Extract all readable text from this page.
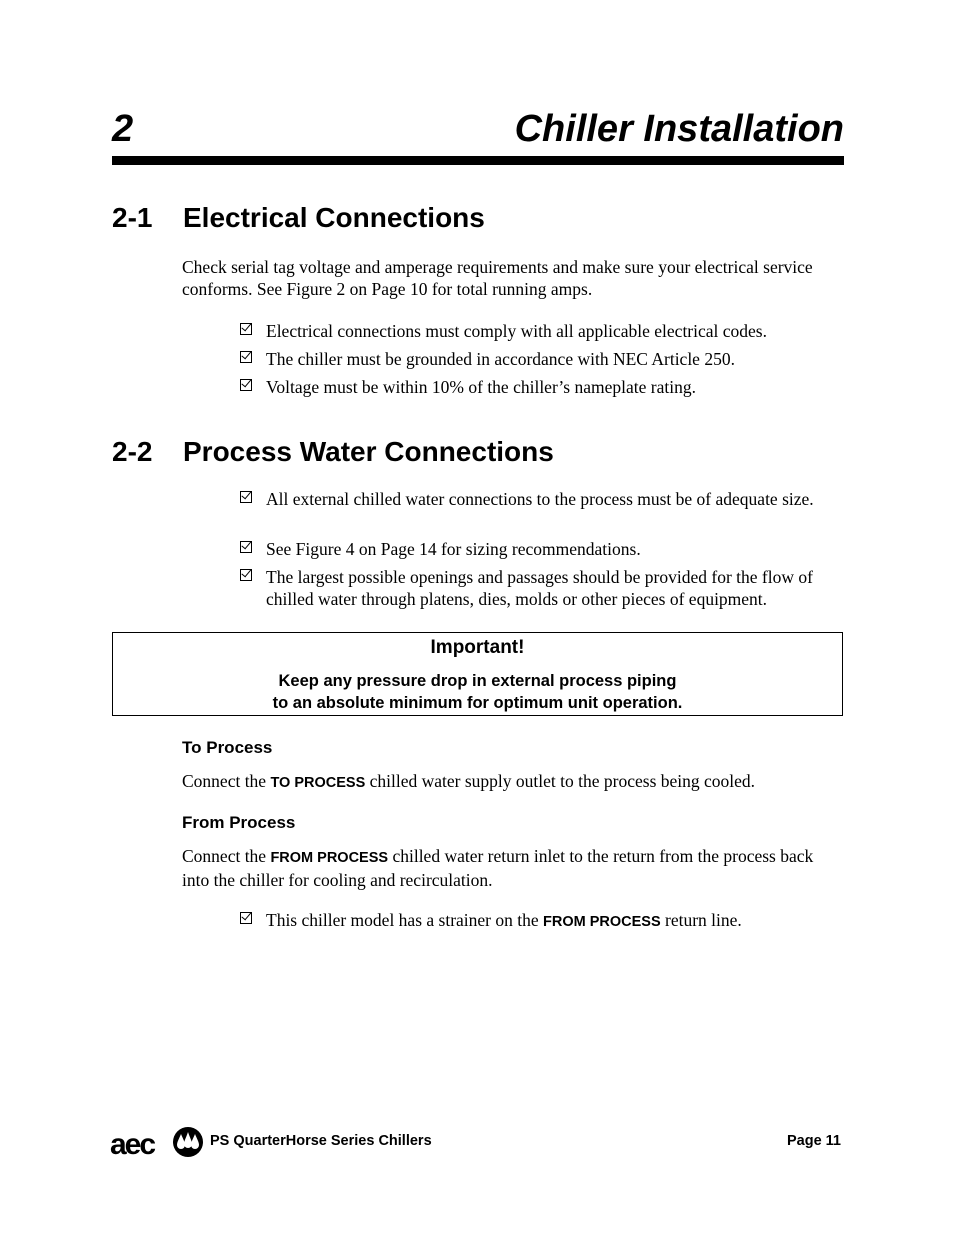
2	Chiller Installation
2-1 Electrical Connections
Check serial tag voltage and amperage requirements and make sure your electrical service conforms. See Figure 2 on Page 10 for total running amps.
Electrical connections must comply with all applicable electrical codes.
The chiller must be grounded in accordance with NEC Article 250.
Voltage must be within 10% of the chiller’s nameplate rating.
2-2 Process Water Connections
All external chilled water connections to the process must be of adequate size.
See Figure 4 on Page 14 for sizing recommendations.
The largest possible openings and passages should be provided for the flow of chilled water through platens, dies, molds or other pieces of equipment.
Important!
Keep any pressure drop in external process piping
to an absolute minimum for optimum unit operation.
To Process
Connect the TO PROCESS chilled water supply outlet to the process being cooled.
From Process
Connect the FROM PROCESS chilled water return inlet to the return from the process back into the chiller for cooling and recirculation.
This chiller model has a strainer on the FROM PROCESS return line.
aec	PS QuarterHorse Series Chillers	Page 11
